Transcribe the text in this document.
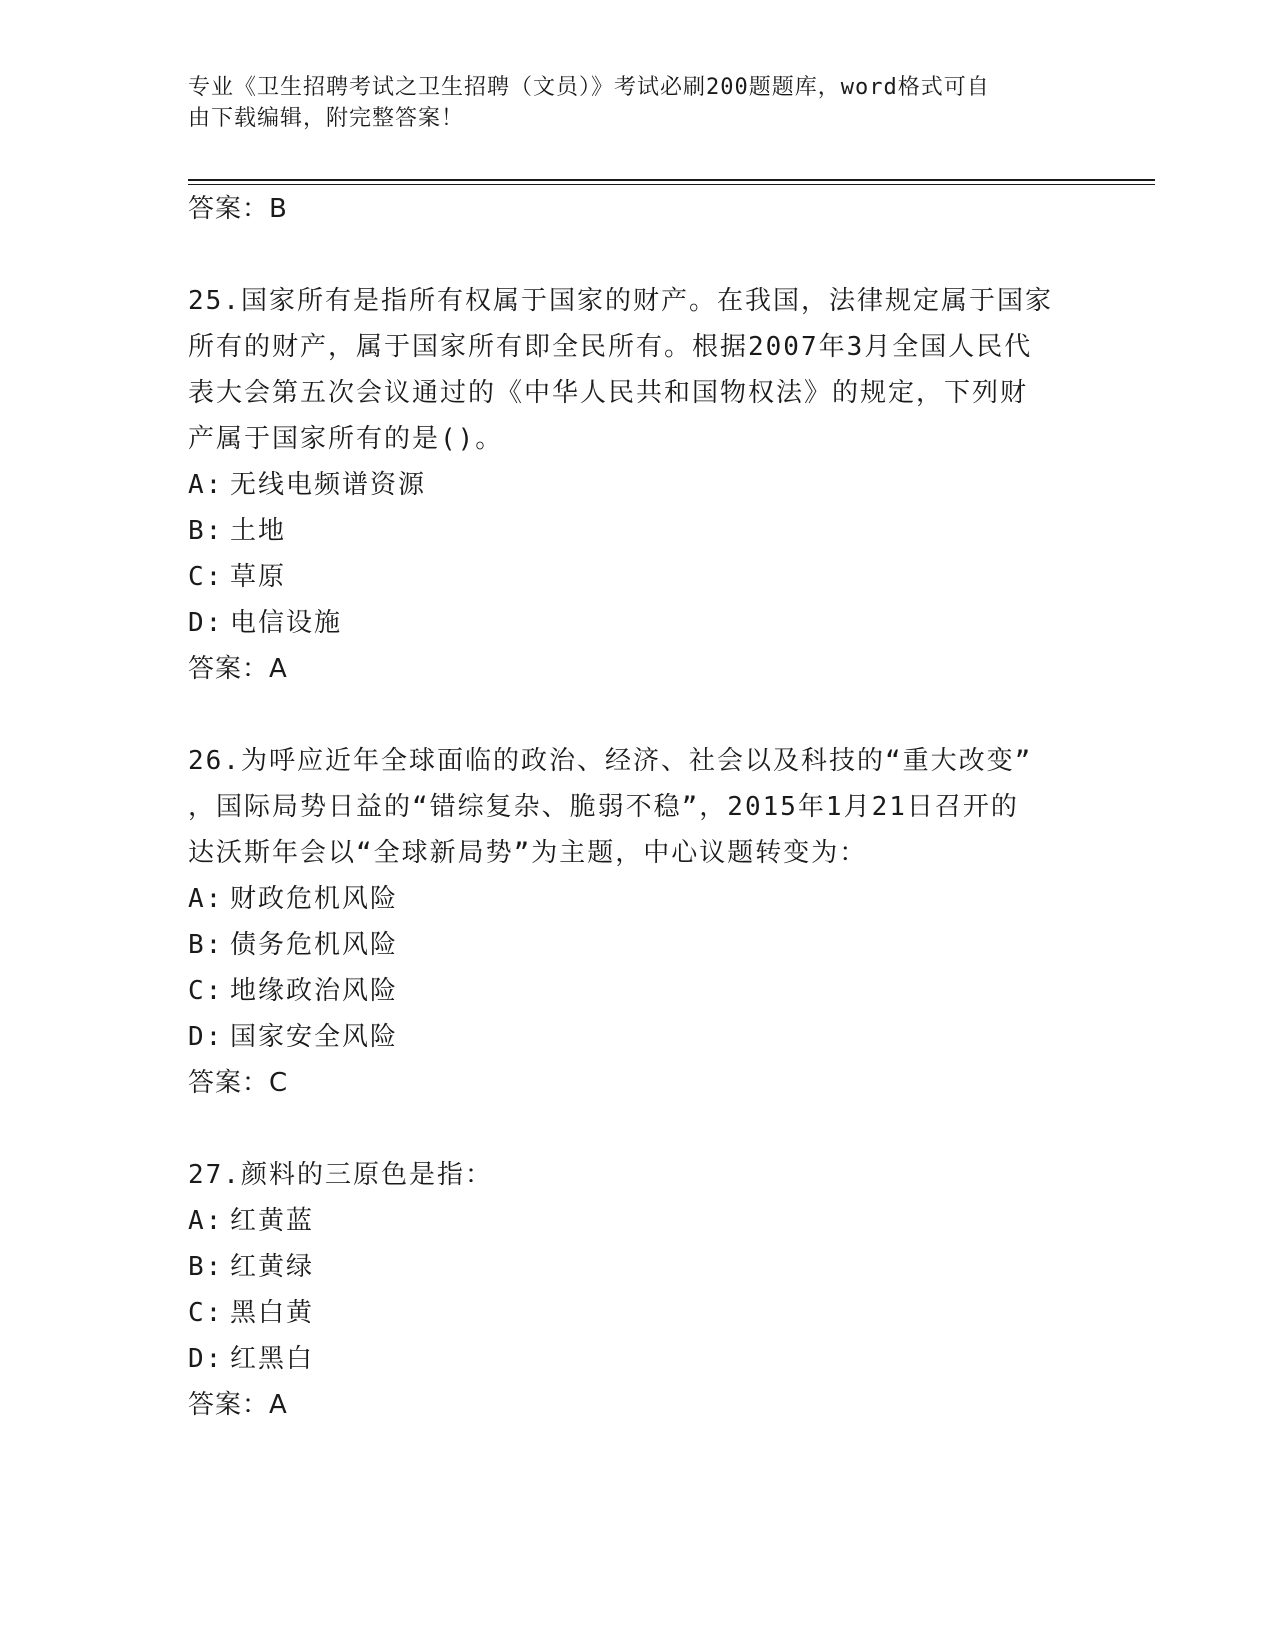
专业《卫生招聘考试之卫生招聘（文员）》考试必刷200题题库，word格式可自
由下载编辑，附完整答案！

答案：B

25.国家所有是指所有权属于国家的财产。在我国，法律规定属于国家
所有的财产，属于国家所有即全民所有。根据2007年3月全国人民代
表大会第五次会议通过的《中华人民共和国物权法》的规定，下列财
产属于国家所有的是()。

A: 无线电频谱资源

B: 土地

C: 草原

D: 电信设施

答案：A

26.为呼应近年全球面临的政治、经济、社会以及科技的“重大改变”
，国际局势日益的“错综复杂、脆弱不稳”，2015年1月21日召开的
达沃斯年会以“全球新局势”为主题，中心议题转变为：

A: 财政危机风险

B: 债务危机风险

C: 地缘政治风险

D: 国家安全风险

答案：C

27.颜料的三原色是指：

A: 红黄蓝

B: 红黄绿

C: 黑白黄

D: 红黑白

答案：A
